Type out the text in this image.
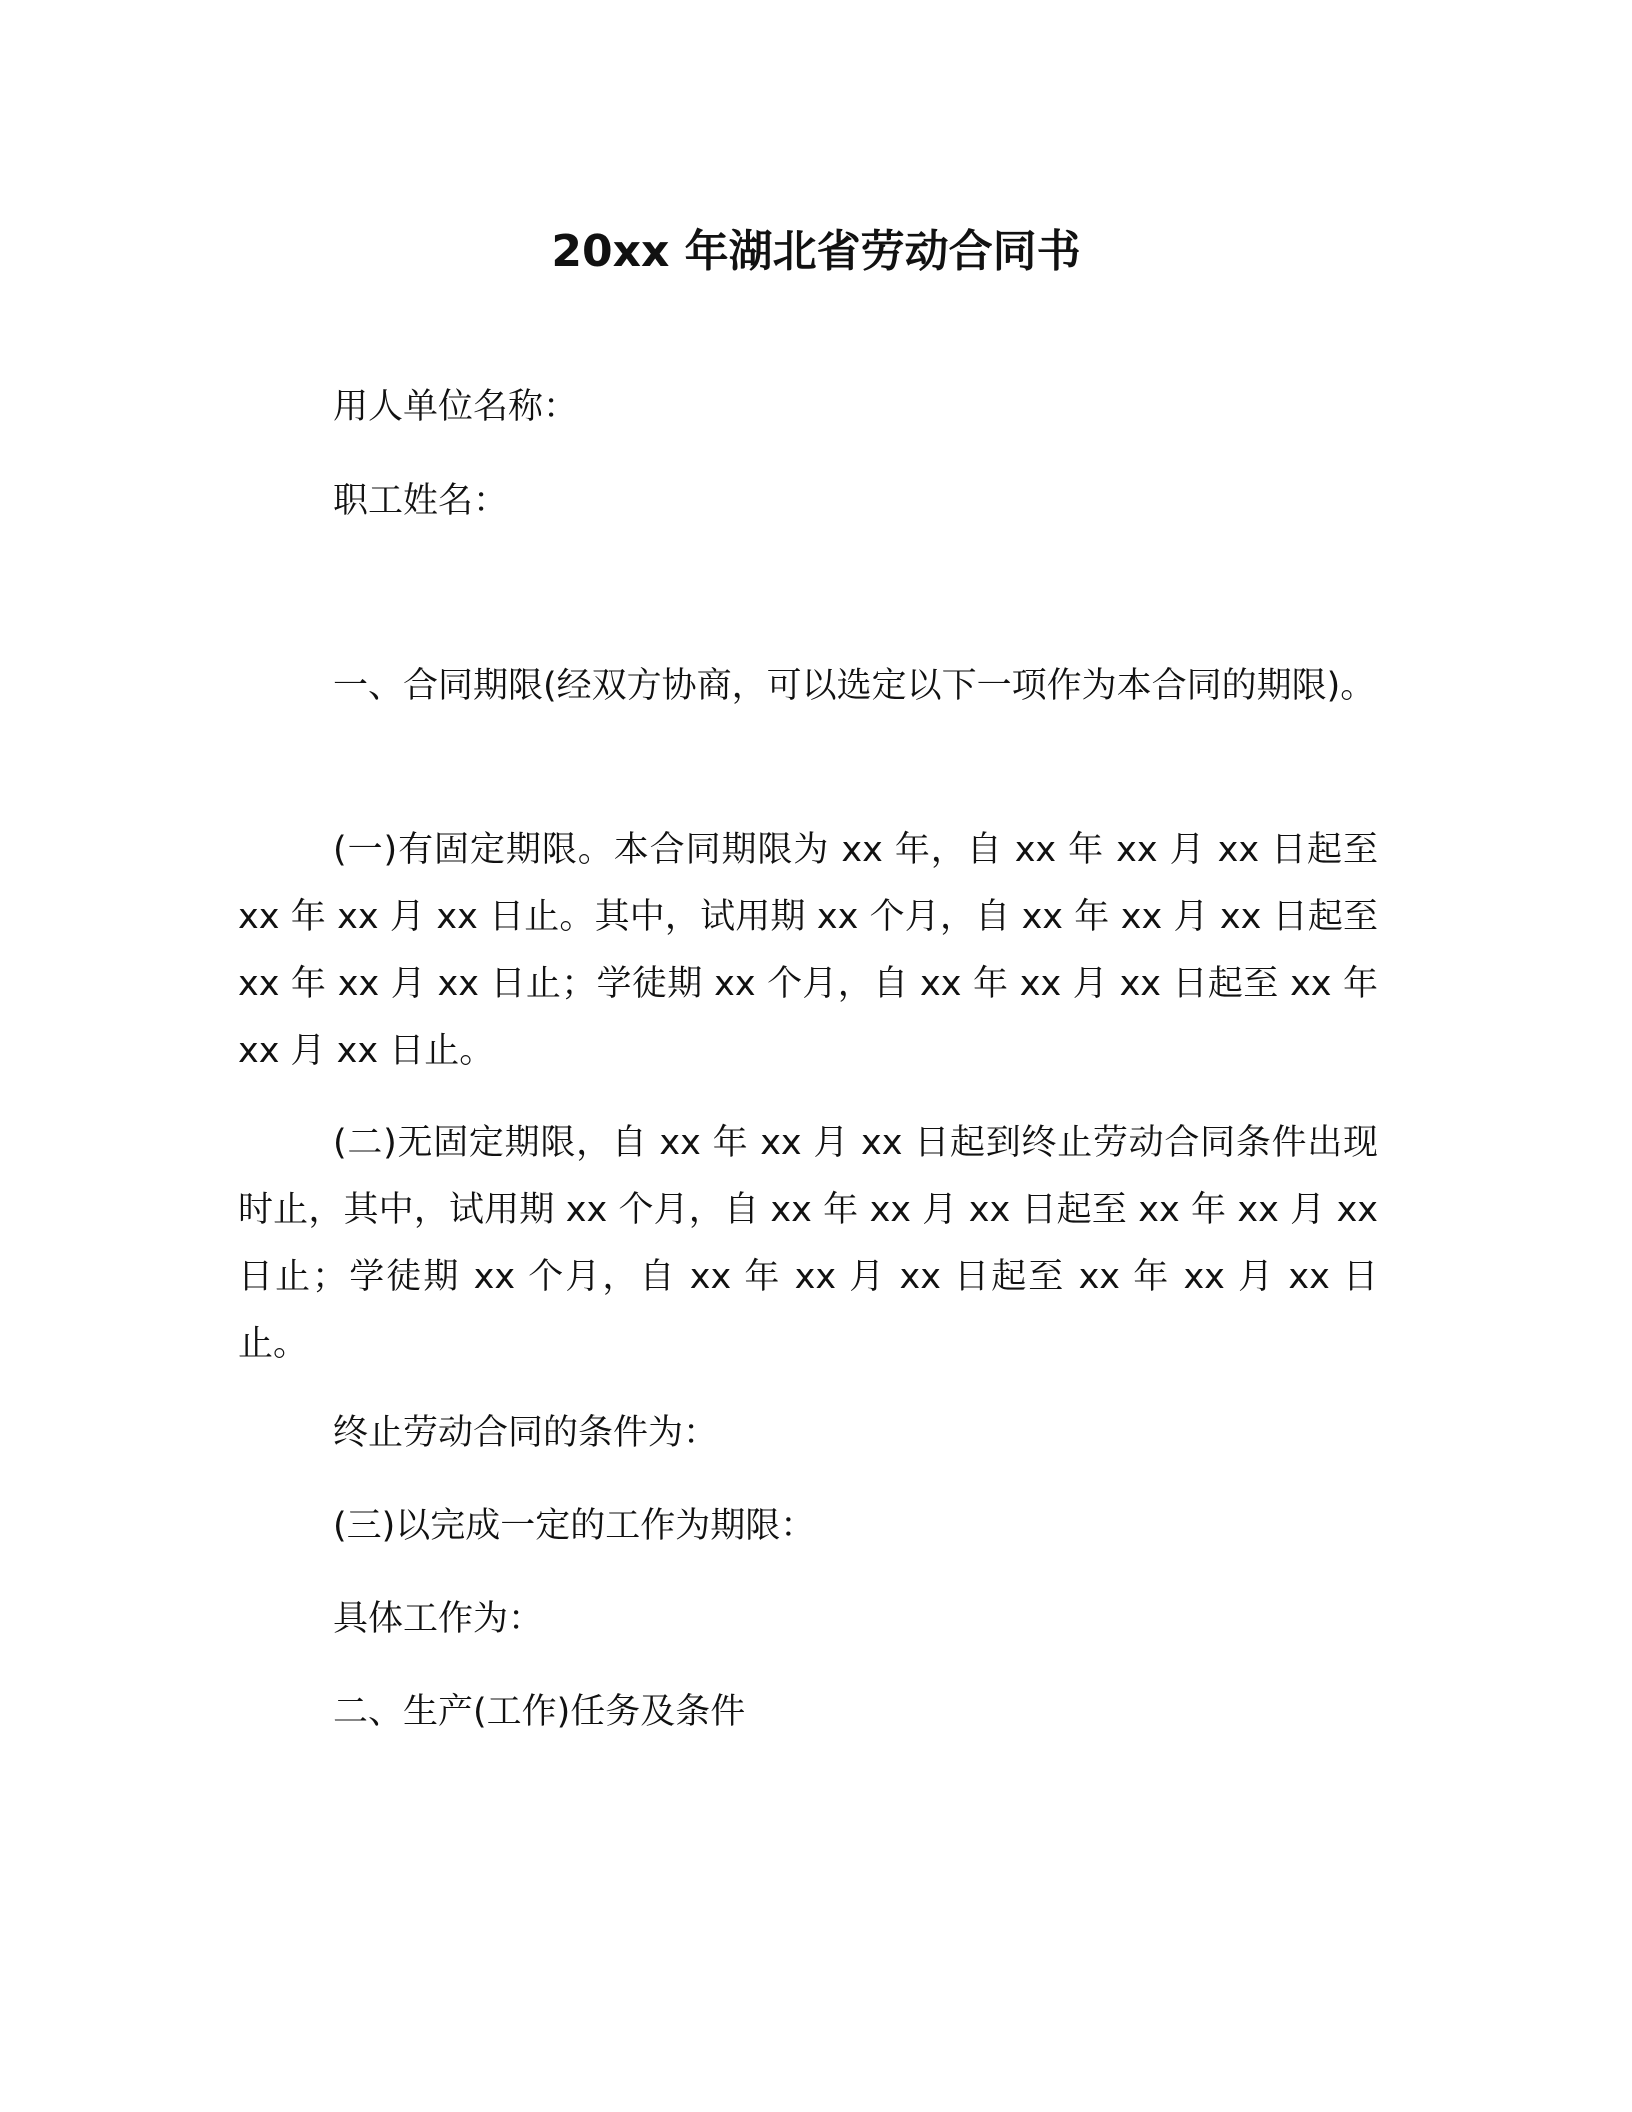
20xx 年湖北省劳动合同书
用人单位名称：
职工姓名：
一、合同期限(经双方协商，可以选定以下一项作为本合同的期限)。
(一)有固定期限。本合同期限为 xx 年，自 xx 年 xx 月 xx 日起至 xx 年 xx 月 xx 日止。其中，试用期 xx 个月，自 xx 年 xx 月 xx 日起至 xx 年 xx 月 xx 日止；学徒期 xx 个月，自 xx 年 xx 月 xx 日起至 xx 年 xx 月 xx 日止。
(二)无固定期限，自 xx 年 xx 月 xx 日起到终止劳动合同条件出现时止，其中，试用期 xx 个月，自 xx 年 xx 月 xx 日起至 xx 年 xx 月 xx 日止；学徒期 xx 个月，自 xx 年 xx 月 xx 日起至 xx 年 xx 月 xx 日止。
终止劳动合同的条件为：
(三)以完成一定的工作为期限：
具体工作为：
二、生产(工作)任务及条件
